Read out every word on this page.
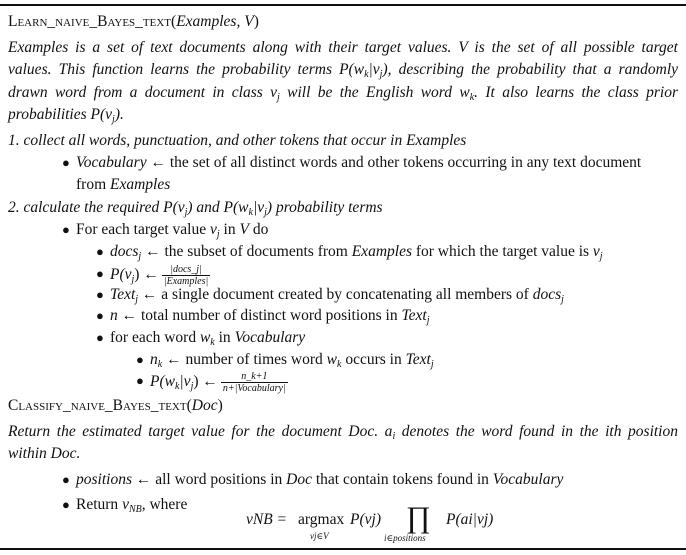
Learn_naive_Bayes_text(Examples, V)
Examples is a set of text documents along with their target values. V is the set of all possible target
values. This function learns the probability terms $P(w_k|v_j)$, describing the probability that a randomly
drawn word from a document in class $v_j$ will be the English word $w_k$. It also learns the class prior
probabilities $P(v_j)$.
1. collect all words, punctuation, and other tokens that occur in Examples
● Vocabulary ← the set of all distinct words and other tokens occurring in any text document
from Examples
2. calculate the required $P(v_j)$ and $P(w_k|v_j)$ probability terms
● For each target value $v_j$ in V do
● docs$_j$ ← the subset of documents from Examples for which the target value is $v_j$
● $P(v_j)$ ← $\frac{\text{|docs\_j|}}{\text{|Examples|}}$
● Text$_j$ ← a single document created by concatenating all members of docs$_j$
● n ← total number of distinct word positions in Text$_j$
● for each word $w_k$ in Vocabulary
● $n_k$ ← number of times word $w_k$ occurs in Text$_j$
● $P(w_k|v_j)$ ← $\frac{n\_k+1}{\text{n+|Vocabulary|}}$
Classify_naive_Bayes_text(Doc)
Return the estimated target value for the document Doc. $a_i$ denotes the word found in the ith position
within Doc.
● positions ← all word positions in Doc that contain tokens found in Vocabulary
● Return $v_{NB}$, where
vNB = argmax
vj∈V
P(vj) ∏
i∈positions
P(ai|vj)
